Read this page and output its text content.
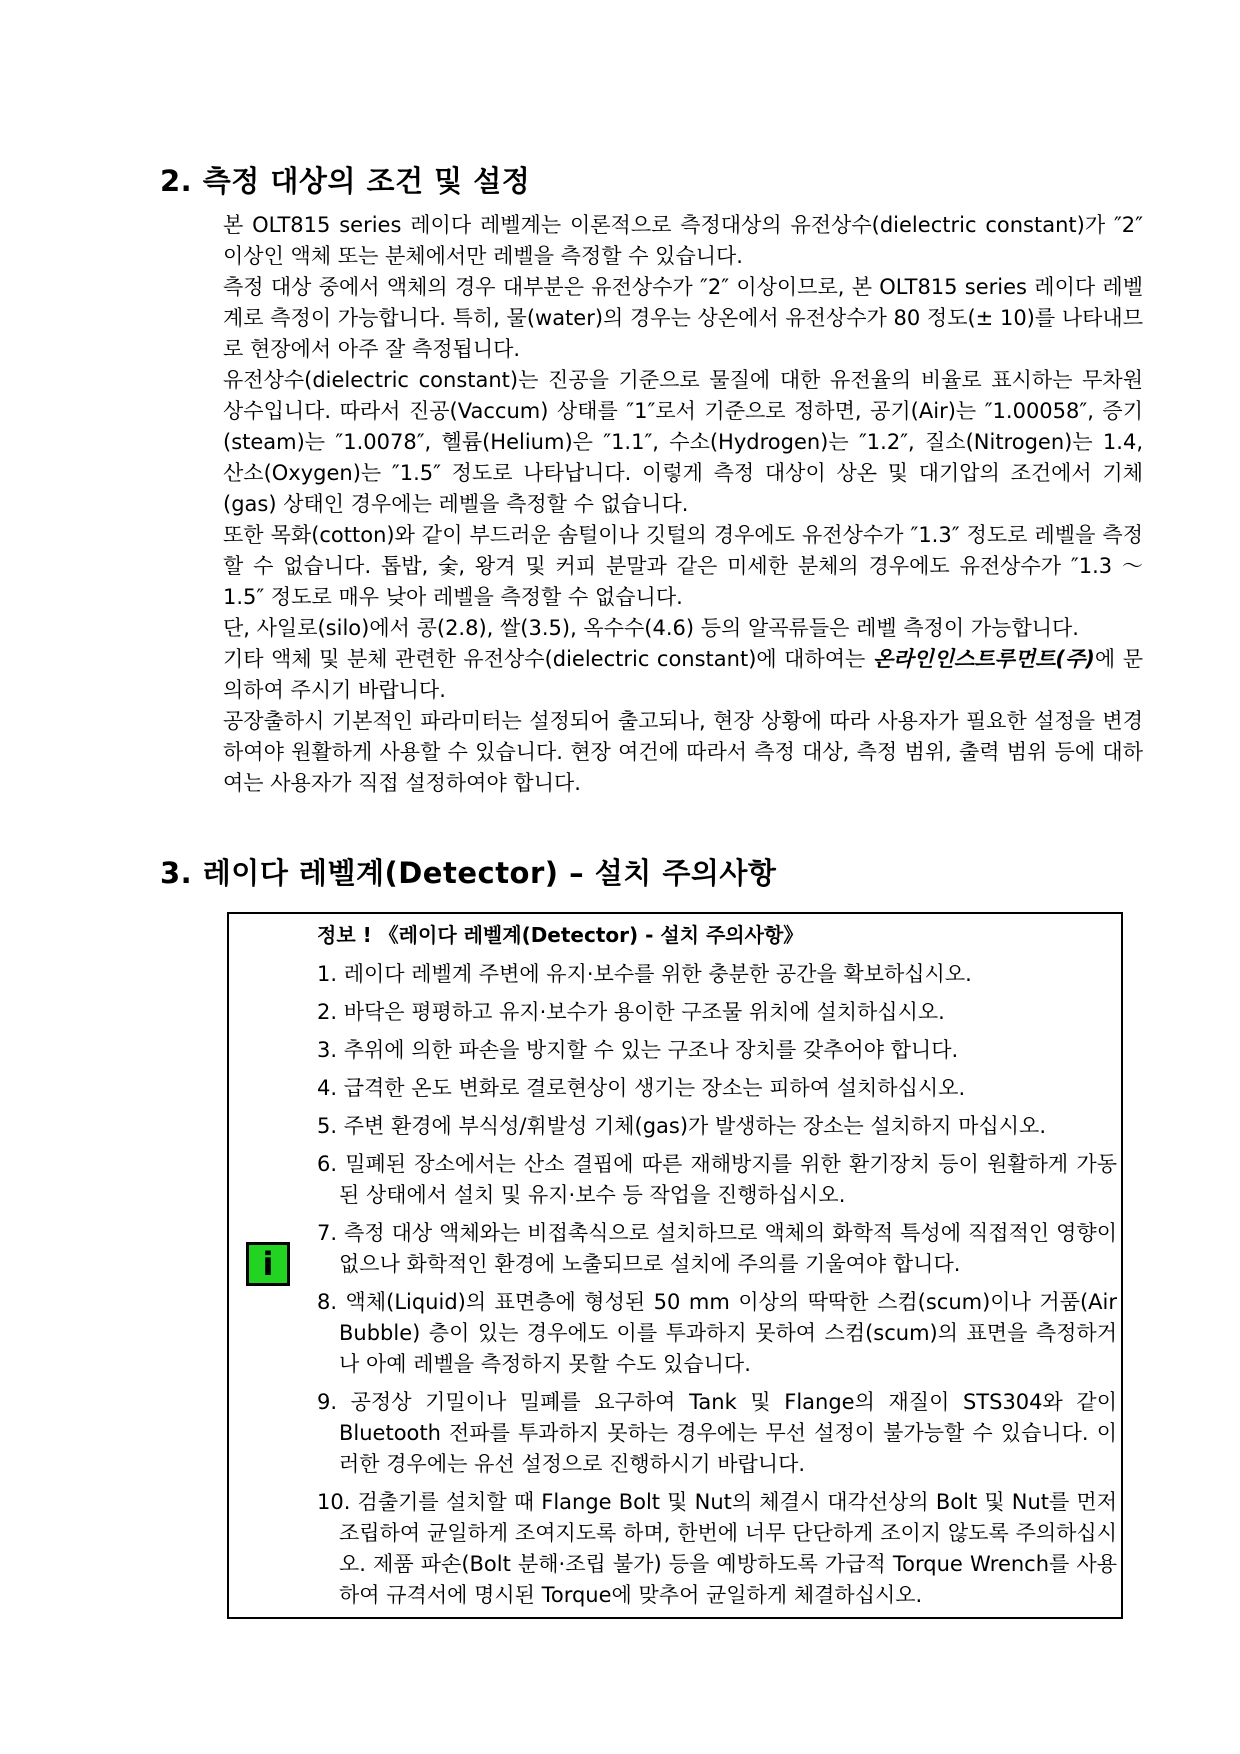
2. 측정 대상의 조건 및 설정

본 OLT815 series 레이다 레벨계는 이론적으로 측정대상의 유전상수(dielectric constant)가 ″2″ 이상인 액체 또는 분체에서만 레벨을 측정할 수 있습니다.

측정 대상 중에서 액체의 경우 대부분은 유전상수가 ″2″ 이상이므로, 본 OLT815 series 레이다 레벨계로 측정이 가능합니다. 특히, 물(water)의 경우는 상온에서 유전상수가 80 정도(± 10)를 나타내므로 현장에서 아주 잘 측정됩니다.

유전상수(dielectric constant)는 진공을 기준으로 물질에 대한 유전율의 비율로 표시하는 무차원 상수입니다. 따라서 진공(Vaccum) 상태를 ″1″로서 기준으로 정하면, 공기(Air)는 ″1.00058″, 증기(steam)는 ″1.0078″, 헬륨(Helium)은 ″1.1″, 수소(Hydrogen)는 ″1.2″, 질소(Nitrogen)는 1.4, 산소(Oxygen)는 ″1.5″ 정도로 나타납니다. 이렇게 측정 대상이 상온 및 대기압의 조건에서 기체(gas) 상태인 경우에는 레벨을 측정할 수 없습니다.

또한 목화(cotton)와 같이 부드러운 솜털이나 깃털의 경우에도 유전상수가 ″1.3″ 정도로 레벨을 측정할 수 없습니다. 톱밥, 숯, 왕겨 및 커피 분말과 같은 미세한 분체의 경우에도 유전상수가 ″1.3 ～ 1.5″ 정도로 매우 낮아 레벨을 측정할 수 없습니다.

단, 사일로(silo)에서 콩(2.8), 쌀(3.5), 옥수수(4.6) 등의 알곡류들은 레벨 측정이 가능합니다.

기타 액체 및 분체 관련한 유전상수(dielectric constant)에 대하여는 온라인인스트루먼트(주)에 문의하여 주시기 바랍니다.

공장출하시 기본적인 파라미터는 설정되어 출고되나, 현장 상황에 따라 사용자가 필요한 설정을 변경하여야 원활하게 사용할 수 있습니다. 현장 여건에 따라서 측정 대상, 측정 범위, 출력 범위 등에 대하여는 사용자가 직접 설정하여야 합니다.

3. 레이다 레벨계(Detector) – 설치 주의사항
i
정보 ! 《레이다 레벨계(Detector) - 설치 주의사항》
1. 레이다 레벨계 주변에 유지·보수를 위한 충분한 공간을 확보하십시오.
2. 바닥은 평평하고 유지·보수가 용이한 구조물 위치에 설치하십시오.
3. 추위에 의한 파손을 방지할 수 있는 구조나 장치를 갖추어야 합니다.
4. 급격한 온도 변화로 결로현상이 생기는 장소는 피하여 설치하십시오.
5. 주변 환경에 부식성/휘발성 기체(gas)가 발생하는 장소는 설치하지 마십시오.
6. 밀폐된 장소에서는 산소 결핍에 따른 재해방지를 위한 환기장치 등이 원활하게 가동된 상태에서 설치 및 유지·보수 등 작업을 진행하십시오.
7. 측정 대상 액체와는 비접촉식으로 설치하므로 액체의 화학적 특성에 직접적인 영향이 없으나 화학적인 환경에 노출되므로 설치에 주의를 기울여야 합니다.
8. 액체(Liquid)의 표면층에 형성된 50 mm 이상의 딱딱한 스컴(scum)이나 거품(Air Bubble) 층이 있는 경우에도 이를 투과하지 못하여 스컴(scum)의 표면을 측정하거나 아예 레벨을 측정하지 못할 수도 있습니다.
9. 공정상 기밀이나 밀폐를 요구하여 Tank 및 Flange의 재질이 STS304와 같이 Bluetooth 전파를 투과하지 못하는 경우에는 무선 설정이 불가능할 수 있습니다. 이러한 경우에는 유선 설정으로 진행하시기 바랍니다.
10. 검출기를 설치할 때 Flange Bolt 및 Nut의 체결시 대각선상의 Bolt 및 Nut를 먼저 조립하여 균일하게 조여지도록 하며, 한번에 너무 단단하게 조이지 않도록 주의하십시오. 제품 파손(Bolt 분해·조립 불가) 등을 예방하도록 가급적 Torque Wrench를 사용하여 규격서에 명시된 Torque에 맞추어 균일하게 체결하십시오.
